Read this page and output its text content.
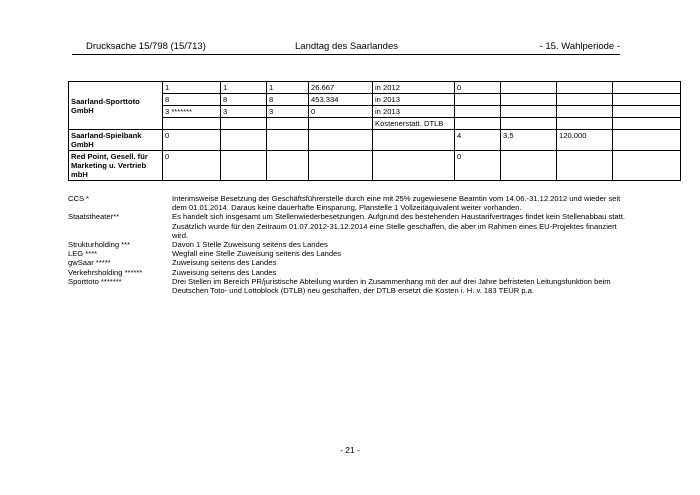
Drucksache 15/798 (15/713)	Landtag des Saarlandes	- 15. Wahlperiode -
Saarland-Sporttoto GmbH	1	1	1	26.667	in 2012	0			
	8	8	8	453.334	in 2013				
	3 *******	3	3	0	in 2013				
					Kostenerstatt. DTLB				
Saarland-Spielbank GmbH	0					4	3,5	120.000	
Red Point, Gesell. für Marketing u. Vertrieb mbH	0					0			
CCS *	Interimsweise Besetzung der Geschäftsführerstelle durch eine mit 25% zugewiesene Beamtin vom 14.06.-31.12.2012 und wieder seit dem 01.01.2014. Daraus keine dauerhafte Einsparung, Planstelle 1 Vollzeitäquivalent weiter vorhanden.
Staatstheater**	Es handelt sich insgesamt um Stellenwiederbesetzungen. Aufgrund des bestehenden Haustarifvertrages findet kein Stellenabbau statt. Zusätzlich wurde für den Zeitraum 01.07.2012-31.12.2014 eine Stelle geschaffen, die aber im Rahmen eines EU-Projektes finanziert wird.
Strukturholding ***	Davon 1 Stelle Zuweisung seitens des Landes
LEG ****	Wegfall eine Stelle Zuweisung seitens des Landes
gwSaar *****	Zuweisung seitens des Landes
Verkehrsholding ******	Zuweisung seitens des Landes
Sporttoto *******	Drei Stellen im Bereich PR/juristische Abteilung wurden in Zusammenhang mit der auf drei Jahre befristeten Leitungsfunktion beim Deutschen Toto- und Lottoblock (DTLB) neu geschaffen, der DTLB ersetzt die Kosten i. H. v. 183 TEUR p.a.
- 21 -
